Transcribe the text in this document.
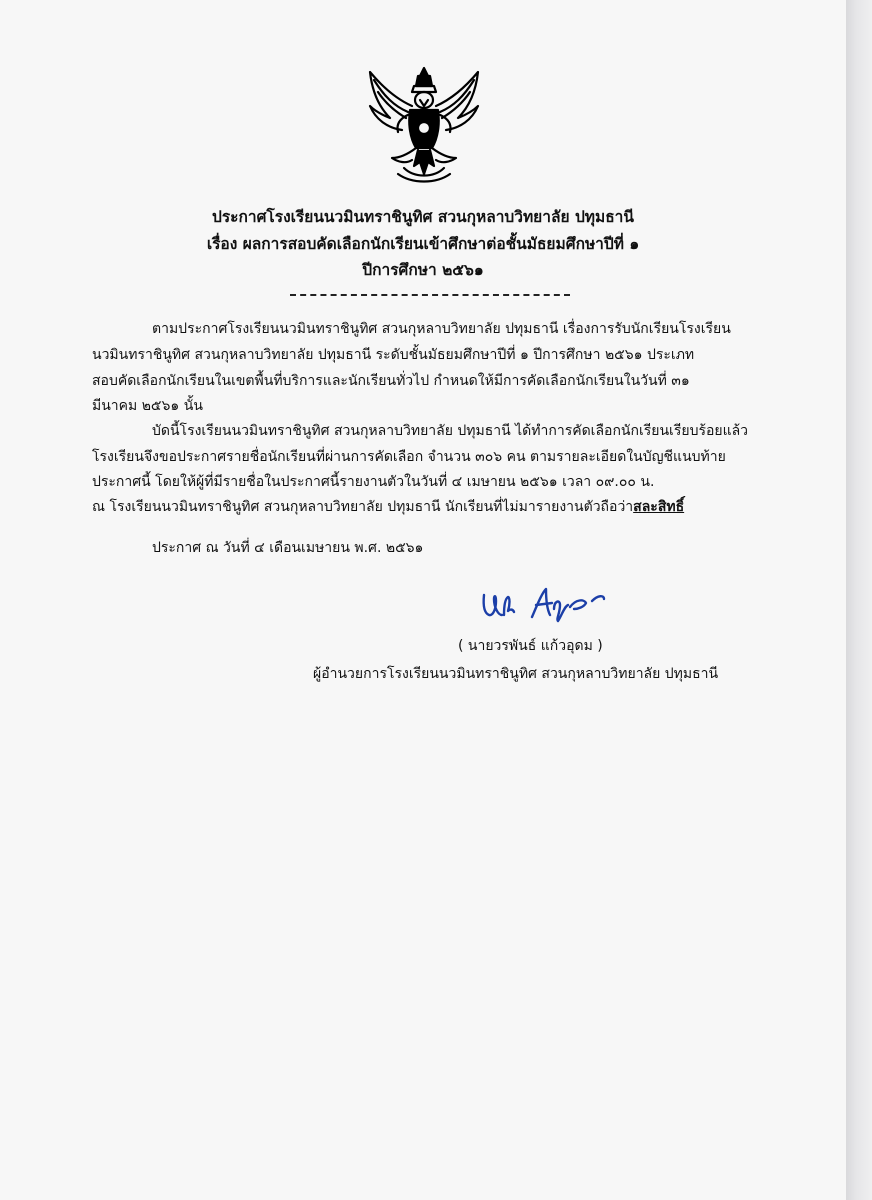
ประกาศโรงเรียนนวมินทราชินูทิศ สวนกุหลาบวิทยาลัย ปทุมธานี
เรื่อง ผลการสอบคัดเลือกนักเรียนเข้าศึกษาต่อชั้นมัธยมศึกษาปีที่ ๑
ปีการศึกษา ๒๕๖๑
ตามประกาศโรงเรียนนวมินทราชินูทิศ สวนกุหลาบวิทยาลัย ปทุมธานี เรื่องการรับนักเรียนโรงเรียน
นวมินทราชินูทิศ สวนกุหลาบวิทยาลัย ปทุมธานี ระดับชั้นมัธยมศึกษาปีที่ ๑ ปีการศึกษา ๒๕๖๑ ประเภท
สอบคัดเลือกนักเรียนในเขตพื้นที่บริการและนักเรียนทั่วไป กำหนดให้มีการคัดเลือกนักเรียนในวันที่ ๓๑
มีนาคม ๒๕๖๑ นั้น
บัดนี้โรงเรียนนวมินทราชินูทิศ สวนกุหลาบวิทยาลัย ปทุมธานี ได้ทำการคัดเลือกนักเรียนเรียบร้อยแล้ว
โรงเรียนจึงขอประกาศรายชื่อนักเรียนที่ผ่านการคัดเลือก จำนวน ๓๐๖ คน ตามรายละเอียดในบัญชีแนบท้าย
ประกาศนี้ โดยให้ผู้ที่มีรายชื่อในประกาศนี้รายงานตัวในวันที่ ๔ เมษายน ๒๕๖๑ เวลา ๐๙.๐๐ น.
ณ โรงเรียนนวมินทราชินูทิศ สวนกุหลาบวิทยาลัย ปทุมธานี นักเรียนที่ไม่มารายงานตัวถือว่าสละสิทธิ์
ประกาศ ณ วันที่ ๔ เดือนเมษายน พ.ศ. ๒๕๖๑
( นายวรพันธ์ แก้วอุดม )
ผู้อำนวยการโรงเรียนนวมินทราชินูทิศ สวนกุหลาบวิทยาลัย ปทุมธานี
